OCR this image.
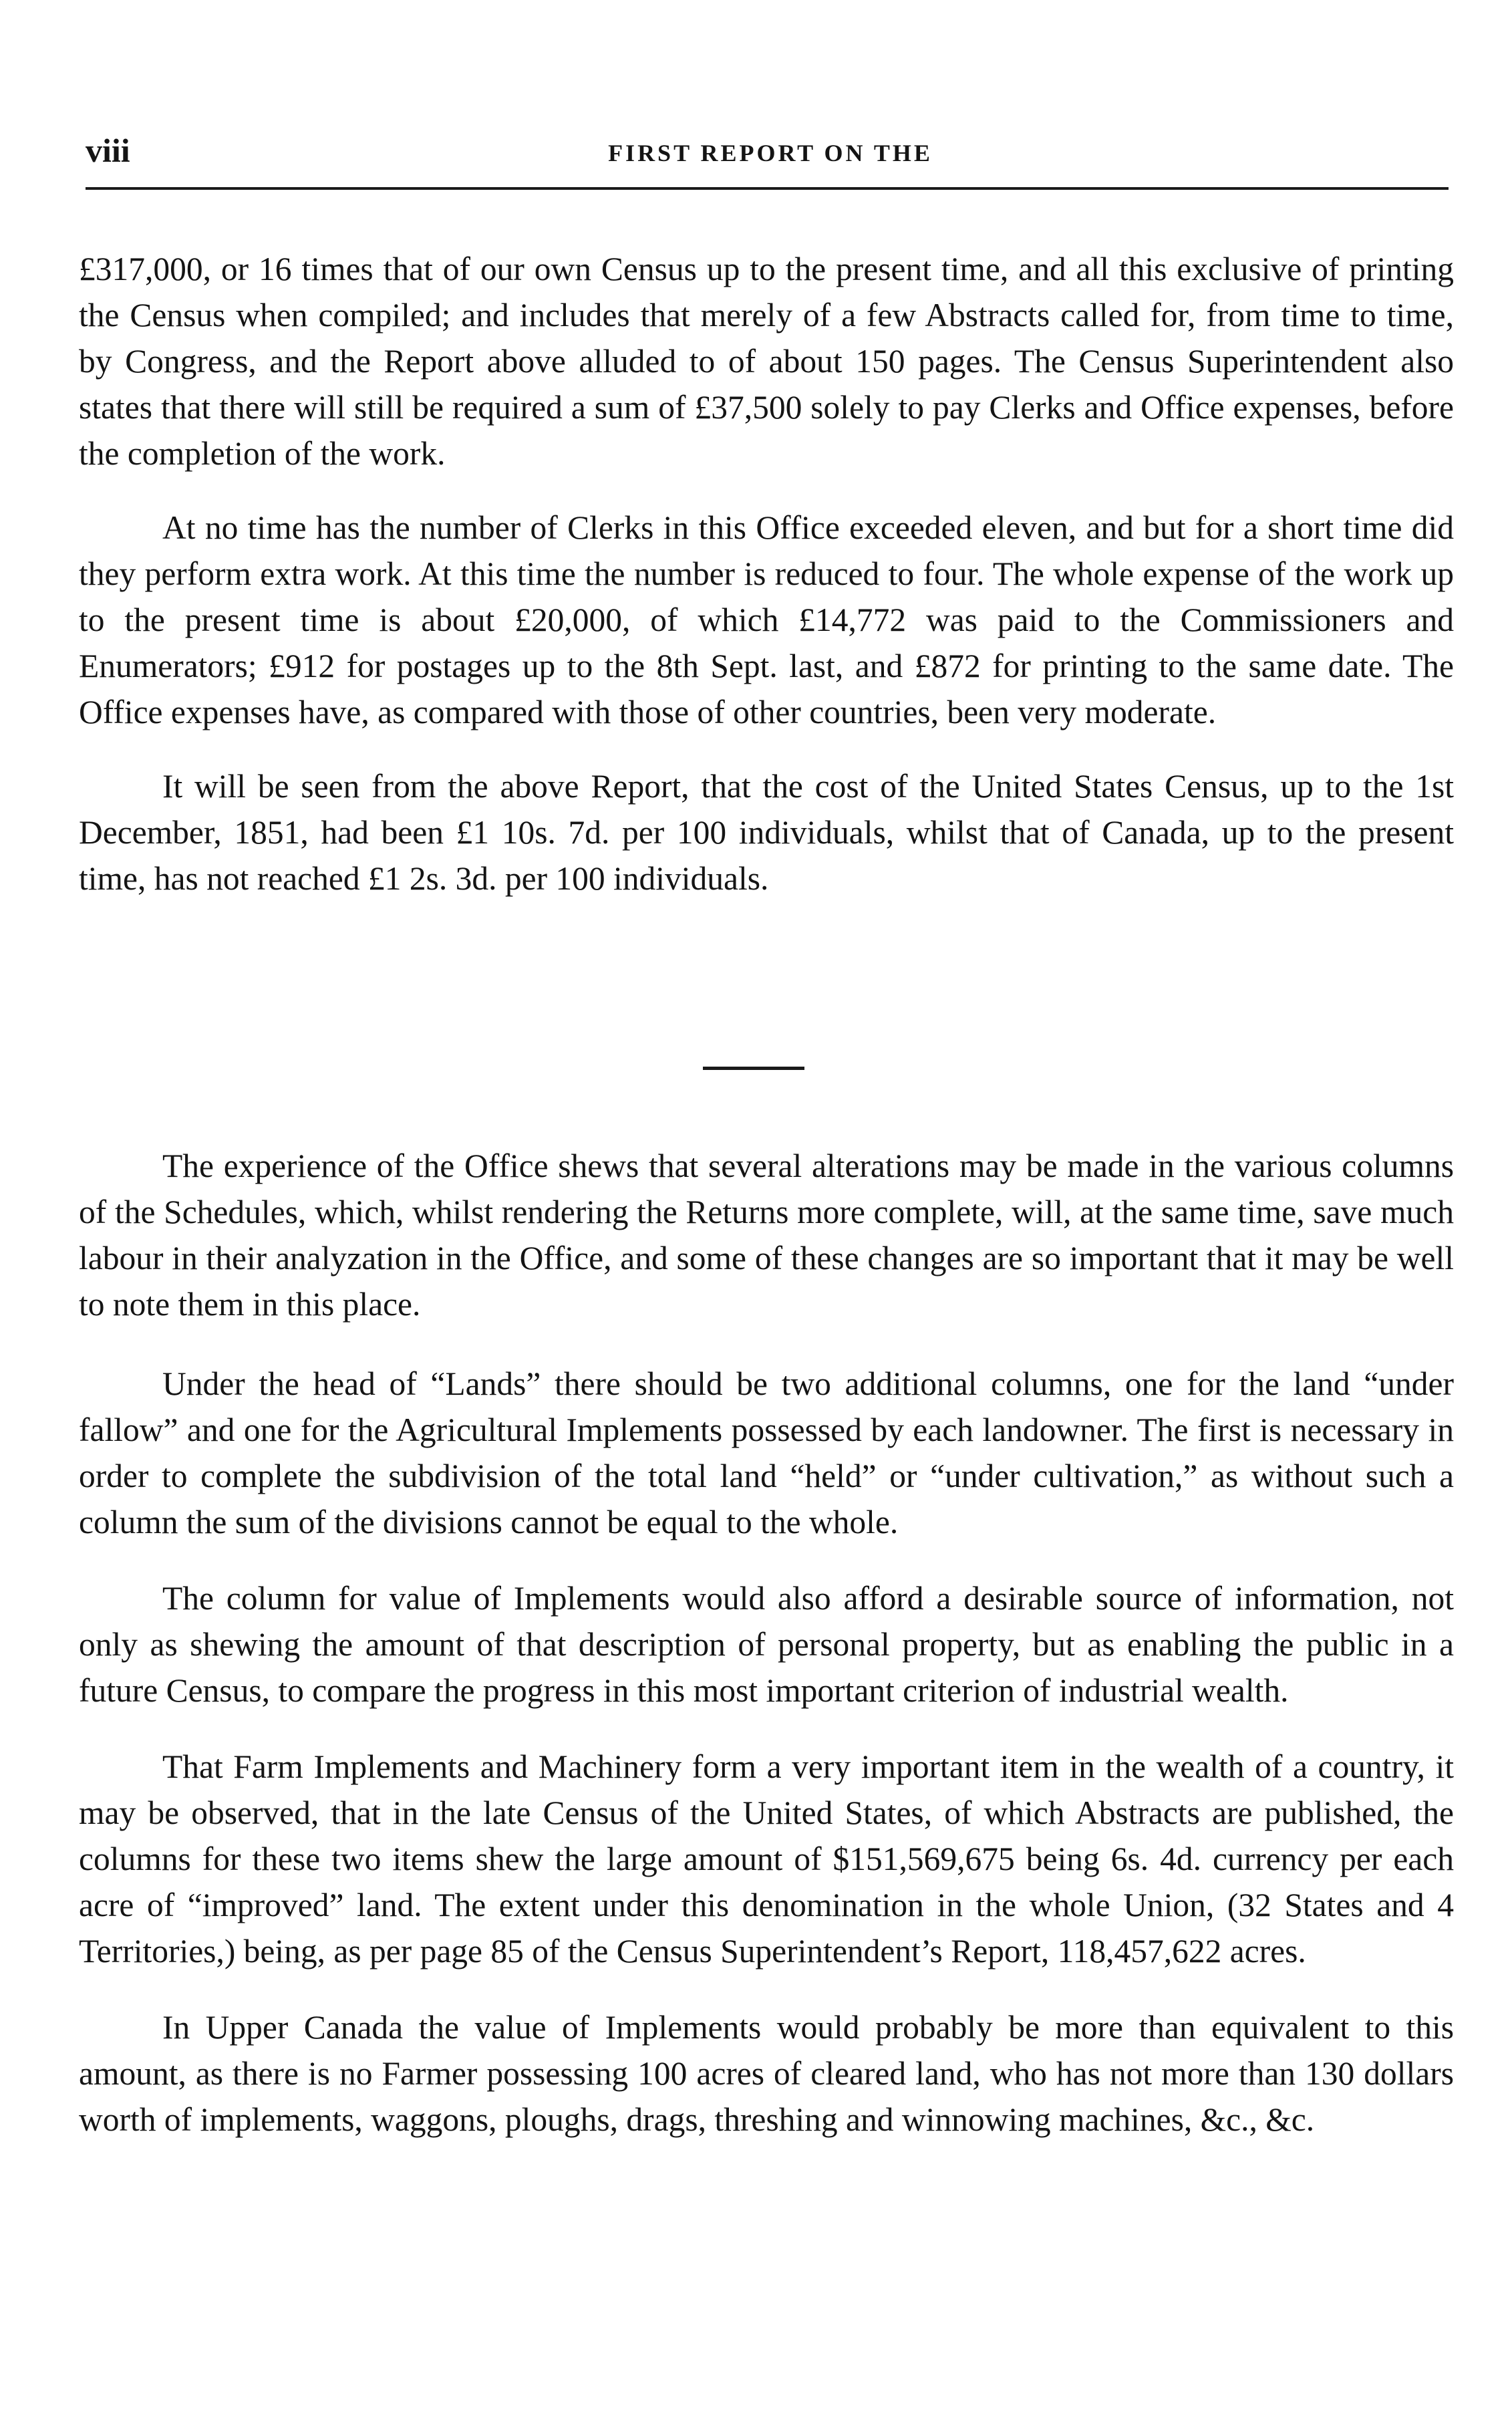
viii	FIRST REPORT ON THE

£317,000, or 16 times that of our own Census up to the present time, and all this exclusive of printing the Census when compiled; and includes that merely of a few Abstracts called for, from time to time, by Congress, and the Report above alluded to of about 150 pages. The Census Superintendent also states that there will still be required a sum of £37,500 solely to pay Clerks and Office expenses, before the completion of the work.

At no time has the number of Clerks in this Office exceeded eleven, and but for a short time did they perform extra work. At this time the number is reduced to four. The whole expense of the work up to the present time is about £20,000, of which £14,772 was paid to the Commissioners and Enumerators; £912 for postages up to the 8th Sept. last, and £872 for printing to the same date. The Office expenses have, as compared with those of other countries, been very moderate.

It will be seen from the above Report, that the cost of the United States Census, up to the 1st December, 1851, had been £1 10s. 7d. per 100 individuals, whilst that of Canada, up to the present time, has not reached £1 2s. 3d. per 100 individuals.

The experience of the Office shews that several alterations may be made in the various columns of the Schedules, which, whilst rendering the Returns more complete, will, at the same time, save much labour in their analyzation in the Office, and some of these changes are so important that it may be well to note them in this place.

Under the head of “Lands” there should be two additional columns, one for the land “under fallow” and one for the Agricultural Implements possessed by each landowner. The first is necessary in order to complete the subdivision of the total land “held” or “under cultivation,” as without such a column the sum of the divisions cannot be equal to the whole.

The column for value of Implements would also afford a desirable source of information, not only as shewing the amount of that description of personal property, but as enabling the public in a future Census, to compare the progress in this most important criterion of industrial wealth.

That Farm Implements and Machinery form a very important item in the wealth of a country, it may be observed, that in the late Census of the United States, of which Abstracts are published, the columns for these two items shew the large amount of $151,569,675 being 6s. 4d. currency per each acre of “improved” land. The extent under this denomination in the whole Union, (32 States and 4 Territories,) being, as per page 85 of the Census Superintendent’s Report, 118,457,622 acres.

In Upper Canada the value of Implements would probably be more than equivalent to this amount, as there is no Farmer possessing 100 acres of cleared land, who has not more than 130 dollars worth of implements, waggons, ploughs, drags, threshing and winnowing machines, &c., &c.
